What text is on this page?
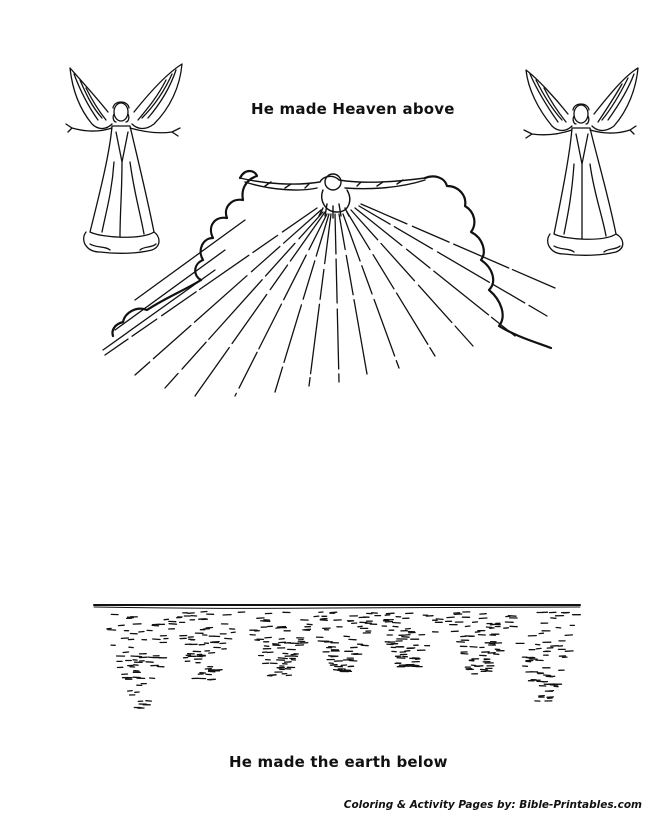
He made Heaven above
He made the earth below
Coloring & Activity Pages by: Bible-Printables.com
